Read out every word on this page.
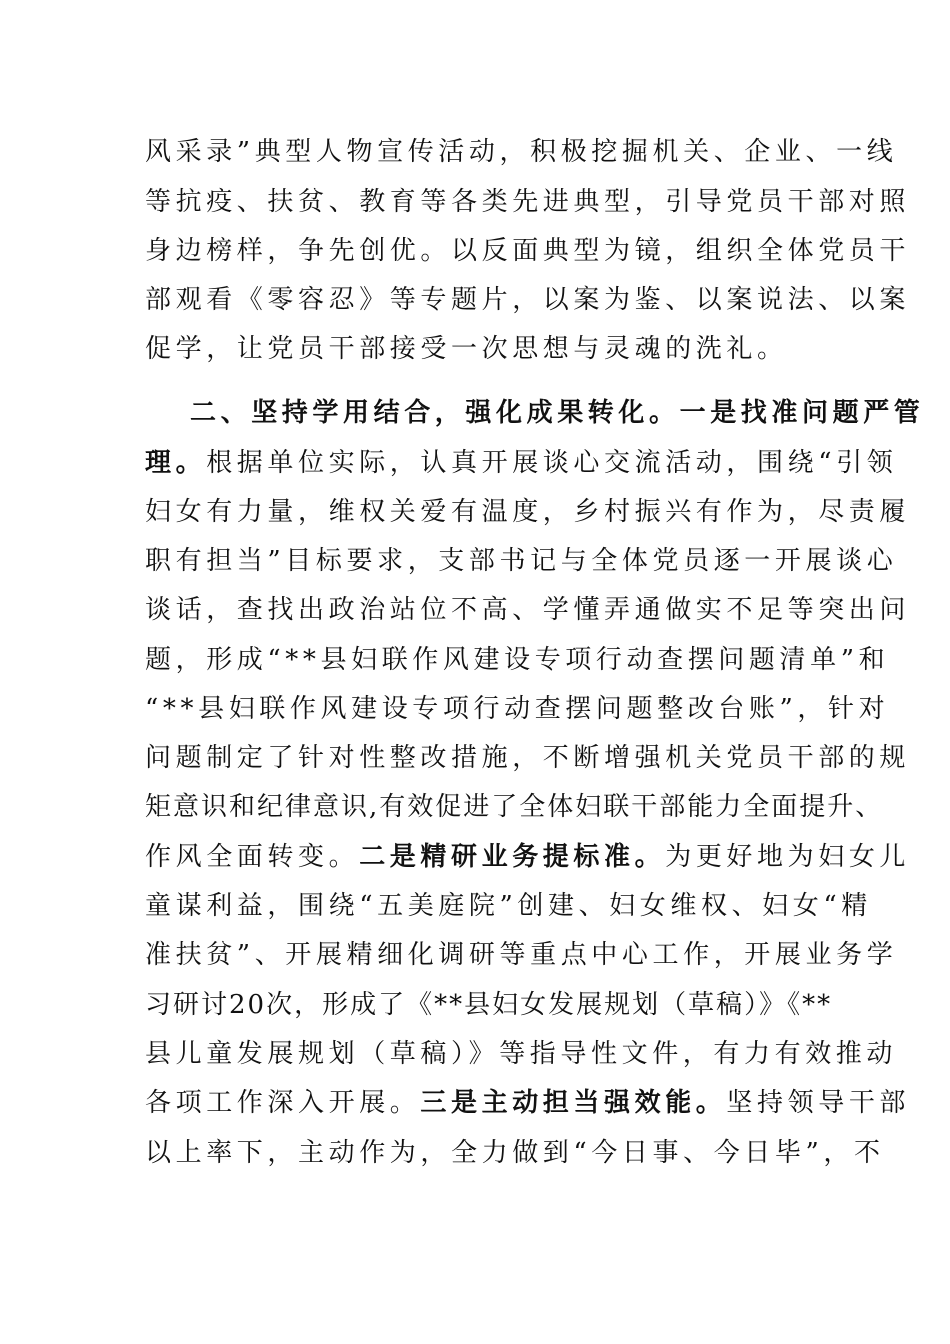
风采录”典型人物宣传活动，积极挖掘机关、企业、一线
等抗疫、扶贫、教育等各类先进典型，引导党员干部对照
身边榜样，争先创优。以反面典型为镜，组织全体党员干
部观看《零容忍》等专题片，以案为鉴、以案说法、以案
促学，让党员干部接受一次思想与灵魂的洗礼。
二、坚持学用结合，强化成果转化。一是找准问题严管
理。根据单位实际，认真开展谈心交流活动，围绕“引领
妇女有力量，维权关爱有温度，乡村振兴有作为，尽责履
职有担当”目标要求，支部书记与全体党员逐一开展谈心
谈话，查找出政治站位不高、学懂弄通做实不足等突出问
题，形成“**县妇联作风建设专项行动查摆问题清单”和
“**县妇联作风建设专项行动查摆问题整改台账”，针对
问题制定了针对性整改措施，不断增强机关党员干部的规
矩意识和纪律意识,有效促进了全体妇联干部能力全面提升、
作风全面转变。二是精研业务提标准。为更好地为妇女儿
童谋利益，围绕“五美庭院”创建、妇女维权、妇女“精
准扶贫”、开展精细化调研等重点中心工作，开展业务学
习研讨20次，形成了《**县妇女发展规划（草稿）》《**
县儿童发展规划（草稿）》等指导性文件，有力有效推动
各项工作深入开展。三是主动担当强效能。坚持领导干部
以上率下，主动作为，全力做到“今日事、今日毕”，不
